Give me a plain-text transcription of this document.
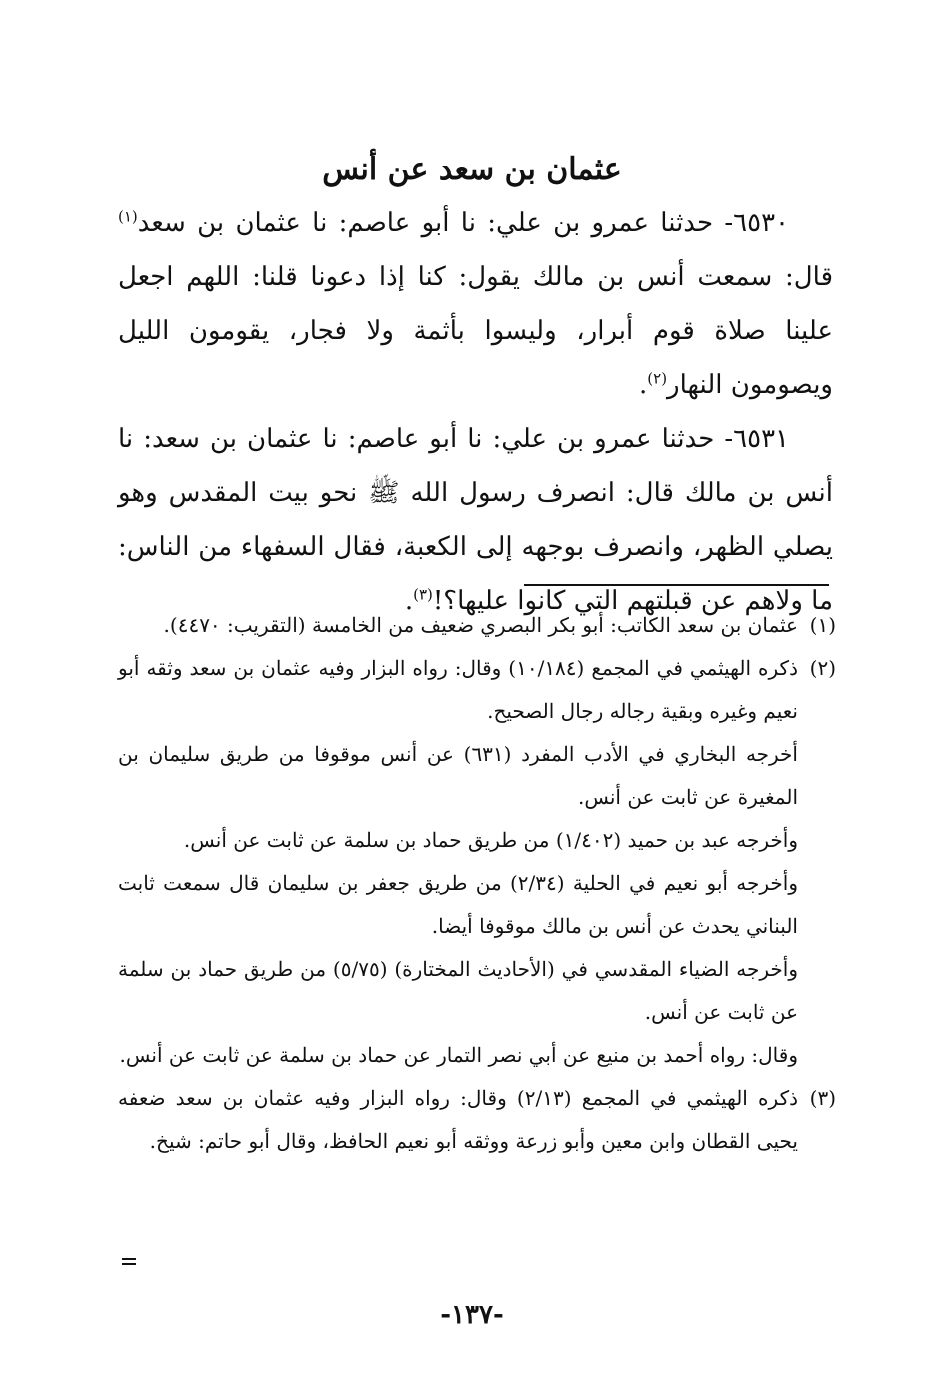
عثمان بن سعد عن أنس

٦٥٣٠- حدثنا عمرو بن علي: نا أبو عاصم: نا عثمان بن سعد$^{(١)}$ قال: سمعت أنس بن مالك يقول: كنا إذا دعونا قلنا: اللهم اجعل علينا صلاة قوم أبرار، وليسوا بأثمة ولا فجار، يقومون الليل ويصومون النهار$^{(٢)}$.

٦٥٣١- حدثنا عمرو بن علي: نا أبو عاصم: نا عثمان بن سعد: نا أنس بن مالك قال: انصرف رسول الله ﷺ نحو بيت المقدس وهو يصلي الظهر، وانصرف بوجهه إلى الكعبة، فقال السفهاء من الناس: ما ولاهم عن قبلتهم التي كانوا عليها؟!$^{(٣)}$.

(١)

عثمان بن سعد الكاتب: أبو بكر البصري ضعيف من الخامسة (التقريب: ٤٤٧٠).

(٢)

ذكره الهيثمي في المجمع (١٠/١٨٤) وقال: رواه البزار وفيه عثمان بن سعد وثقه أبو نعيم وغيره وبقية رجاله رجال الصحيح.

أخرجه البخاري في الأدب المفرد (٦٣١) عن أنس موقوفا من طريق سليمان بن المغيرة عن ثابت عن أنس.

وأخرجه عبد بن حميد (١/٤٠٢) من طريق حماد بن سلمة عن ثابت عن أنس.

وأخرجه أبو نعيم في الحلية (٢/٣٤) من طريق جعفر بن سليمان قال سمعت ثابت البناني يحدث عن أنس بن مالك موقوفا أيضا.

وأخرجه الضياء المقدسي في (الأحاديث المختارة) (٥/٧٥) من طريق حماد بن سلمة عن ثابت عن أنس.

وقال: رواه أحمد بن منيع عن أبي نصر التمار عن حماد بن سلمة عن ثابت عن أنس.

(٣)

ذكره الهيثمي في المجمع (٢/١٣) وقال: رواه البزار وفيه عثمان بن سعد ضعفه يحيى القطان وابن معين وأبو زرعة ووثقه أبو نعيم الحافظ، وقال أبو حاتم: شيخ.

-١٣٧-
